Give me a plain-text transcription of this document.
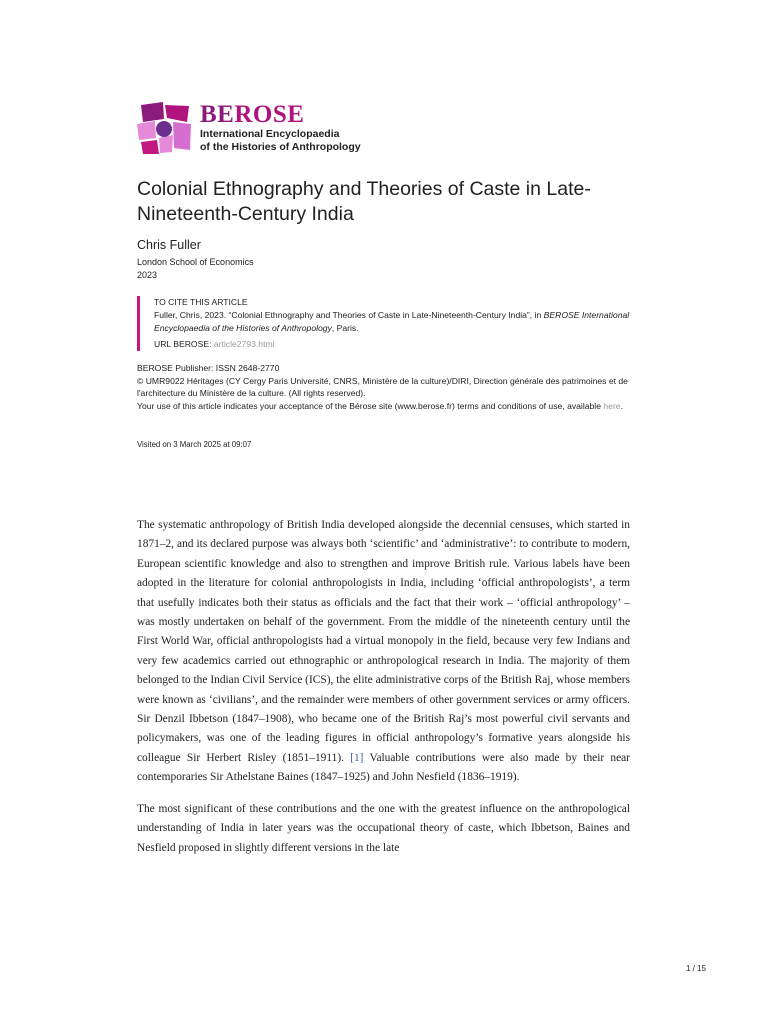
BEROSE
International Encyclopaedia
of the Histories of Anthropology
Colonial Ethnography and Theories of Caste in Late-Nineteenth-Century India
Chris Fuller
London School of Economics
2023
TO CITE THIS ARTICLE
Fuller, Chris, 2023. “Colonial Ethnography and Theories of Caste in Late-Nineteenth-Century India”, in BEROSE International Encyclopaedia of the Histories of Anthropology, Paris.
URL BEROSE: article2793.html

BEROSE Publisher: ISSN 2648-2770

© UMR9022 Héritages (CY Cergy Paris Université, CNRS, Ministère de la culture)/DIRI, Direction générale des patrimoines et de l'architecture du Ministère de la culture. (All rights reserved).

Your use of this article indicates your acceptance of the Bérose site (www.berose.fr) terms and conditions of use, available here.

Visited on 3 March 2025 at 09:07

The systematic anthropology of British India developed alongside the decennial censuses, which started in 1871–2, and its declared purpose was always both ‘scientific’ and ‘administrative’: to contribute to modern, European scientific knowledge and also to strengthen and improve British rule. Various labels have been adopted in the literature for colonial anthropologists in India, including ‘official anthropologists’, a term that usefully indicates both their status as officials and the fact that their work – ‘official anthropology’ – was mostly undertaken on behalf of the government. From the middle of the nineteenth century until the First World War, official anthropologists had a virtual monopoly in the field, because very few Indians and very few academics carried out ethnographic or anthropological research in India. The majority of them belonged to the Indian Civil Service (ICS), the elite administrative corps of the British Raj, whose members were known as ‘civilians’, and the remainder were members of other government services or army officers. Sir Denzil Ibbetson (1847–1908), who became one of the British Raj’s most powerful civil servants and policymakers, was one of the leading figures in official anthropology’s formative years alongside his colleague Sir Herbert Risley (1851–1911). [1] Valuable contributions were also made by their near contemporaries Sir Athelstane Baines (1847–1925) and John Nesfield (1836–1919).

The most significant of these contributions and the one with the greatest influence on the anthropological understanding of India in later years was the occupational theory of caste, which Ibbetson, Baines and Nesfield proposed in slightly different versions in the late

1 / 15
